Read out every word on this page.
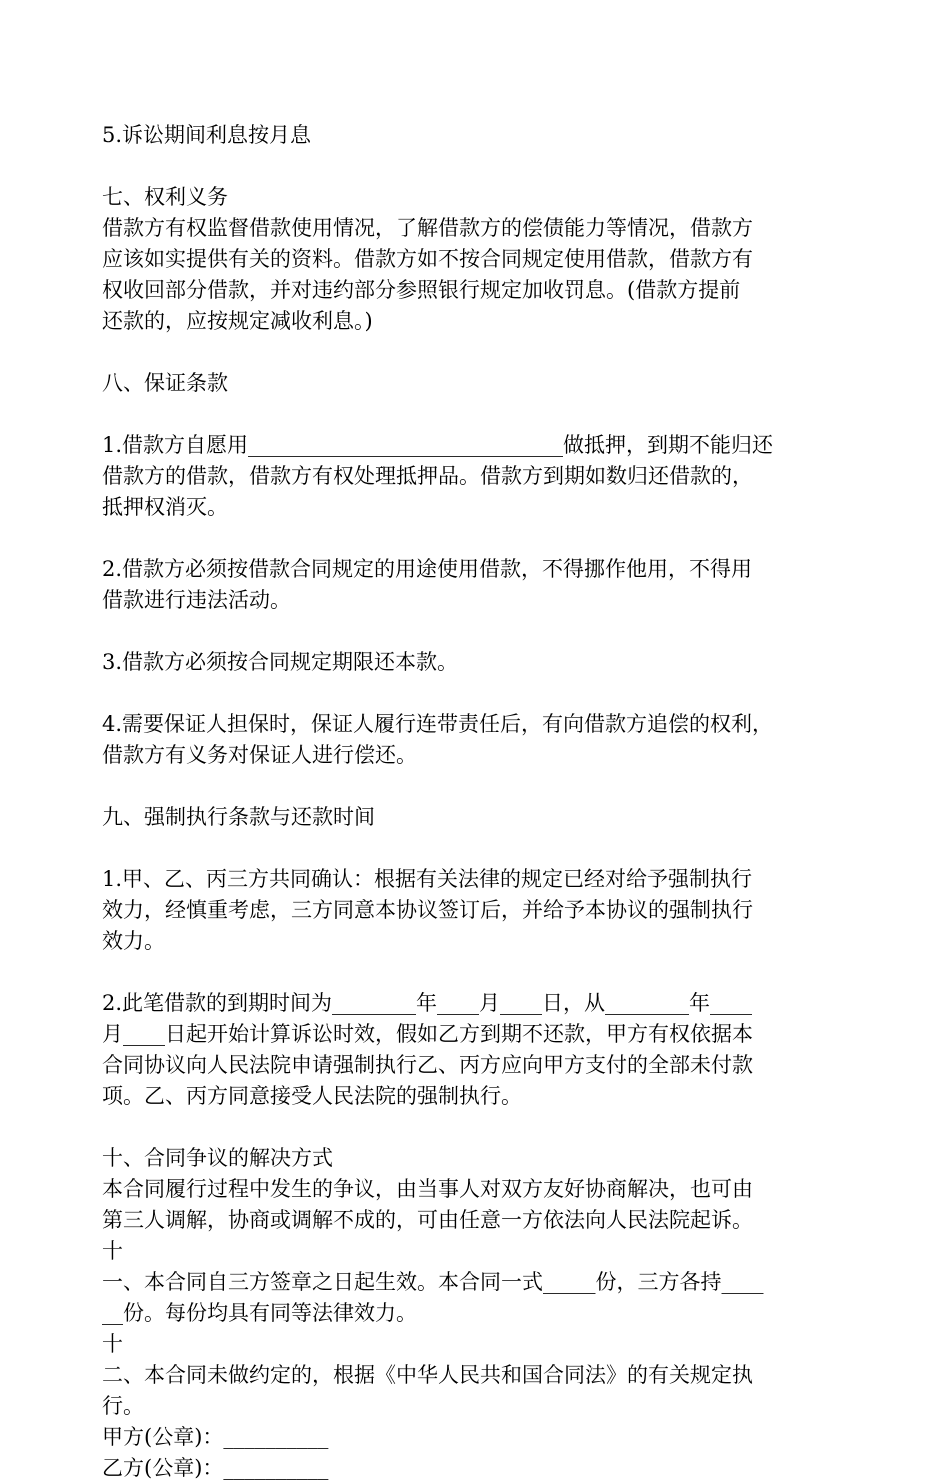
5.诉讼期间利息按月息
七、权利义务
借款方有权监督借款使用情况，了解借款方的偿债能力等情况，借款方
应该如实提供有关的资料。借款方如不按合同规定使用借款，借款方有
权收回部分借款，并对违约部分参照银行规定加收罚息。(借款方提前
还款的，应按规定减收利息。)
八、保证条款
1.借款方自愿用______________________________做抵押，到期不能归还
借款方的借款，借款方有权处理抵押品。借款方到期如数归还借款的，
抵押权消灭。
2.借款方必须按借款合同规定的用途使用借款，不得挪作他用，不得用
借款进行违法活动。
3.借款方必须按合同规定期限还本款。
4.需要保证人担保时，保证人履行连带责任后，有向借款方追偿的权利，
借款方有义务对保证人进行偿还。
九、强制执行条款与还款时间
1.甲、乙、丙三方共同确认：根据有关法律的规定已经对给予强制执行
效力，经慎重考虑，三方同意本协议签订后，并给予本协议的强制执行
效力。
2.此笔借款的到期时间为________年____月____日，从________年____
月____日起开始计算诉讼时效，假如乙方到期不还款，甲方有权依据本
合同协议向人民法院申请强制执行乙、丙方应向甲方支付的全部未付款
项。乙、丙方同意接受人民法院的强制执行。
十、合同争议的解决方式
本合同履行过程中发生的争议，由当事人对双方友好协商解决，也可由
第三人调解，协商或调解不成的，可由任意一方依法向人民法院起诉。
十
一、本合同自三方签章之日起生效。本合同一式_____份，三方各持____
__份。每份均具有同等法律效力。
十
二、本合同未做约定的，根据《中华人民共和国合同法》的有关规定执
行。
甲方(公章)：__________
乙方(公章)：__________
